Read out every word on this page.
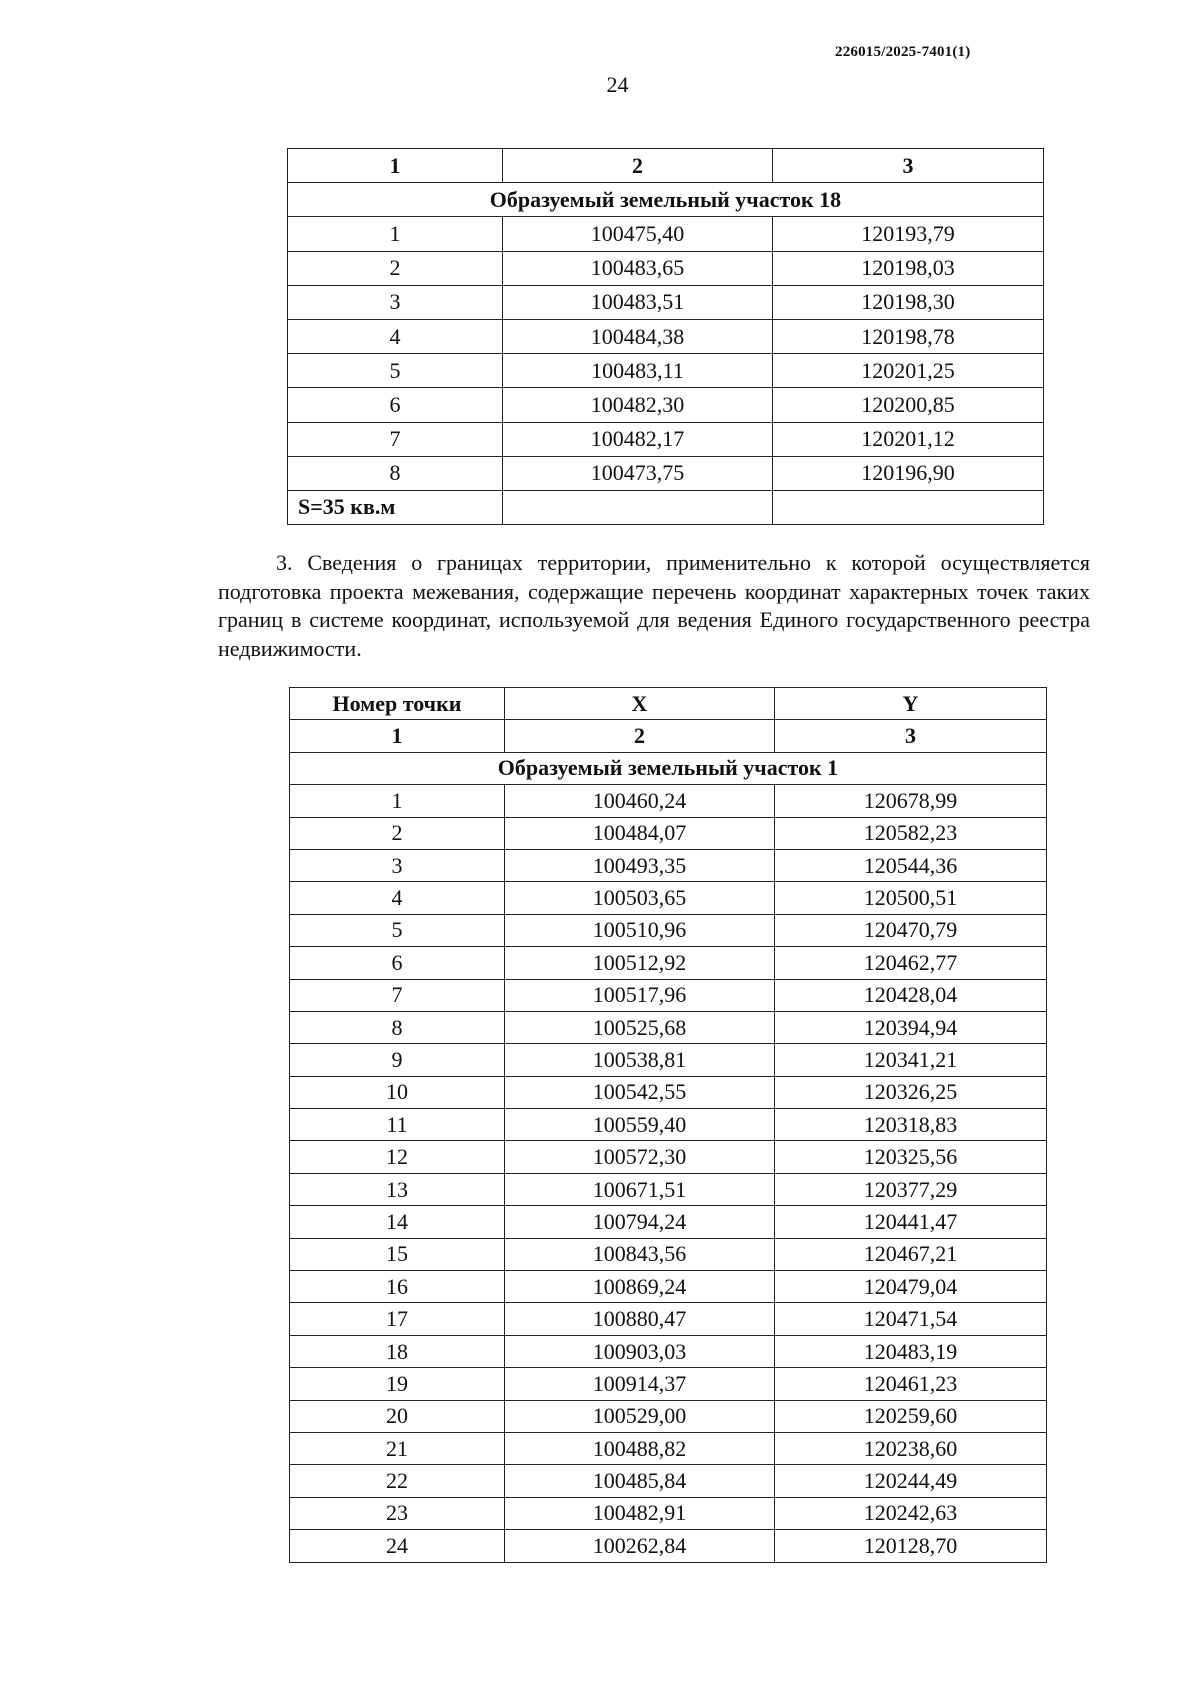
226015/2025-7401(1)
24
1	2	3
Образуемый земельный участок 18		
1	100475,40	120193,79
2	100483,65	120198,03
3	100483,51	120198,30
4	100484,38	120198,78
5	100483,11	120201,25
6	100482,30	120200,85
7	100482,17	120201,12
8	100473,75	120196,90
S=35 кв.м		

3. Сведения о границах территории, применительно к которой осуществляется подготовка проекта межевания, содержащие перечень координат характерных точек таких границ в системе координат, используемой для ведения Единого государственного реестра недвижимости.

Номер точки	X	Y
1	2	3
Образуемый земельный участок 1		
1	100460,24	120678,99
2	100484,07	120582,23
3	100493,35	120544,36
4	100503,65	120500,51
5	100510,96	120470,79
6	100512,92	120462,77
7	100517,96	120428,04
8	100525,68	120394,94
9	100538,81	120341,21
10	100542,55	120326,25
11	100559,40	120318,83
12	100572,30	120325,56
13	100671,51	120377,29
14	100794,24	120441,47
15	100843,56	120467,21
16	100869,24	120479,04
17	100880,47	120471,54
18	100903,03	120483,19
19	100914,37	120461,23
20	100529,00	120259,60
21	100488,82	120238,60
22	100485,84	120244,49
23	100482,91	120242,63
24	100262,84	120128,70
